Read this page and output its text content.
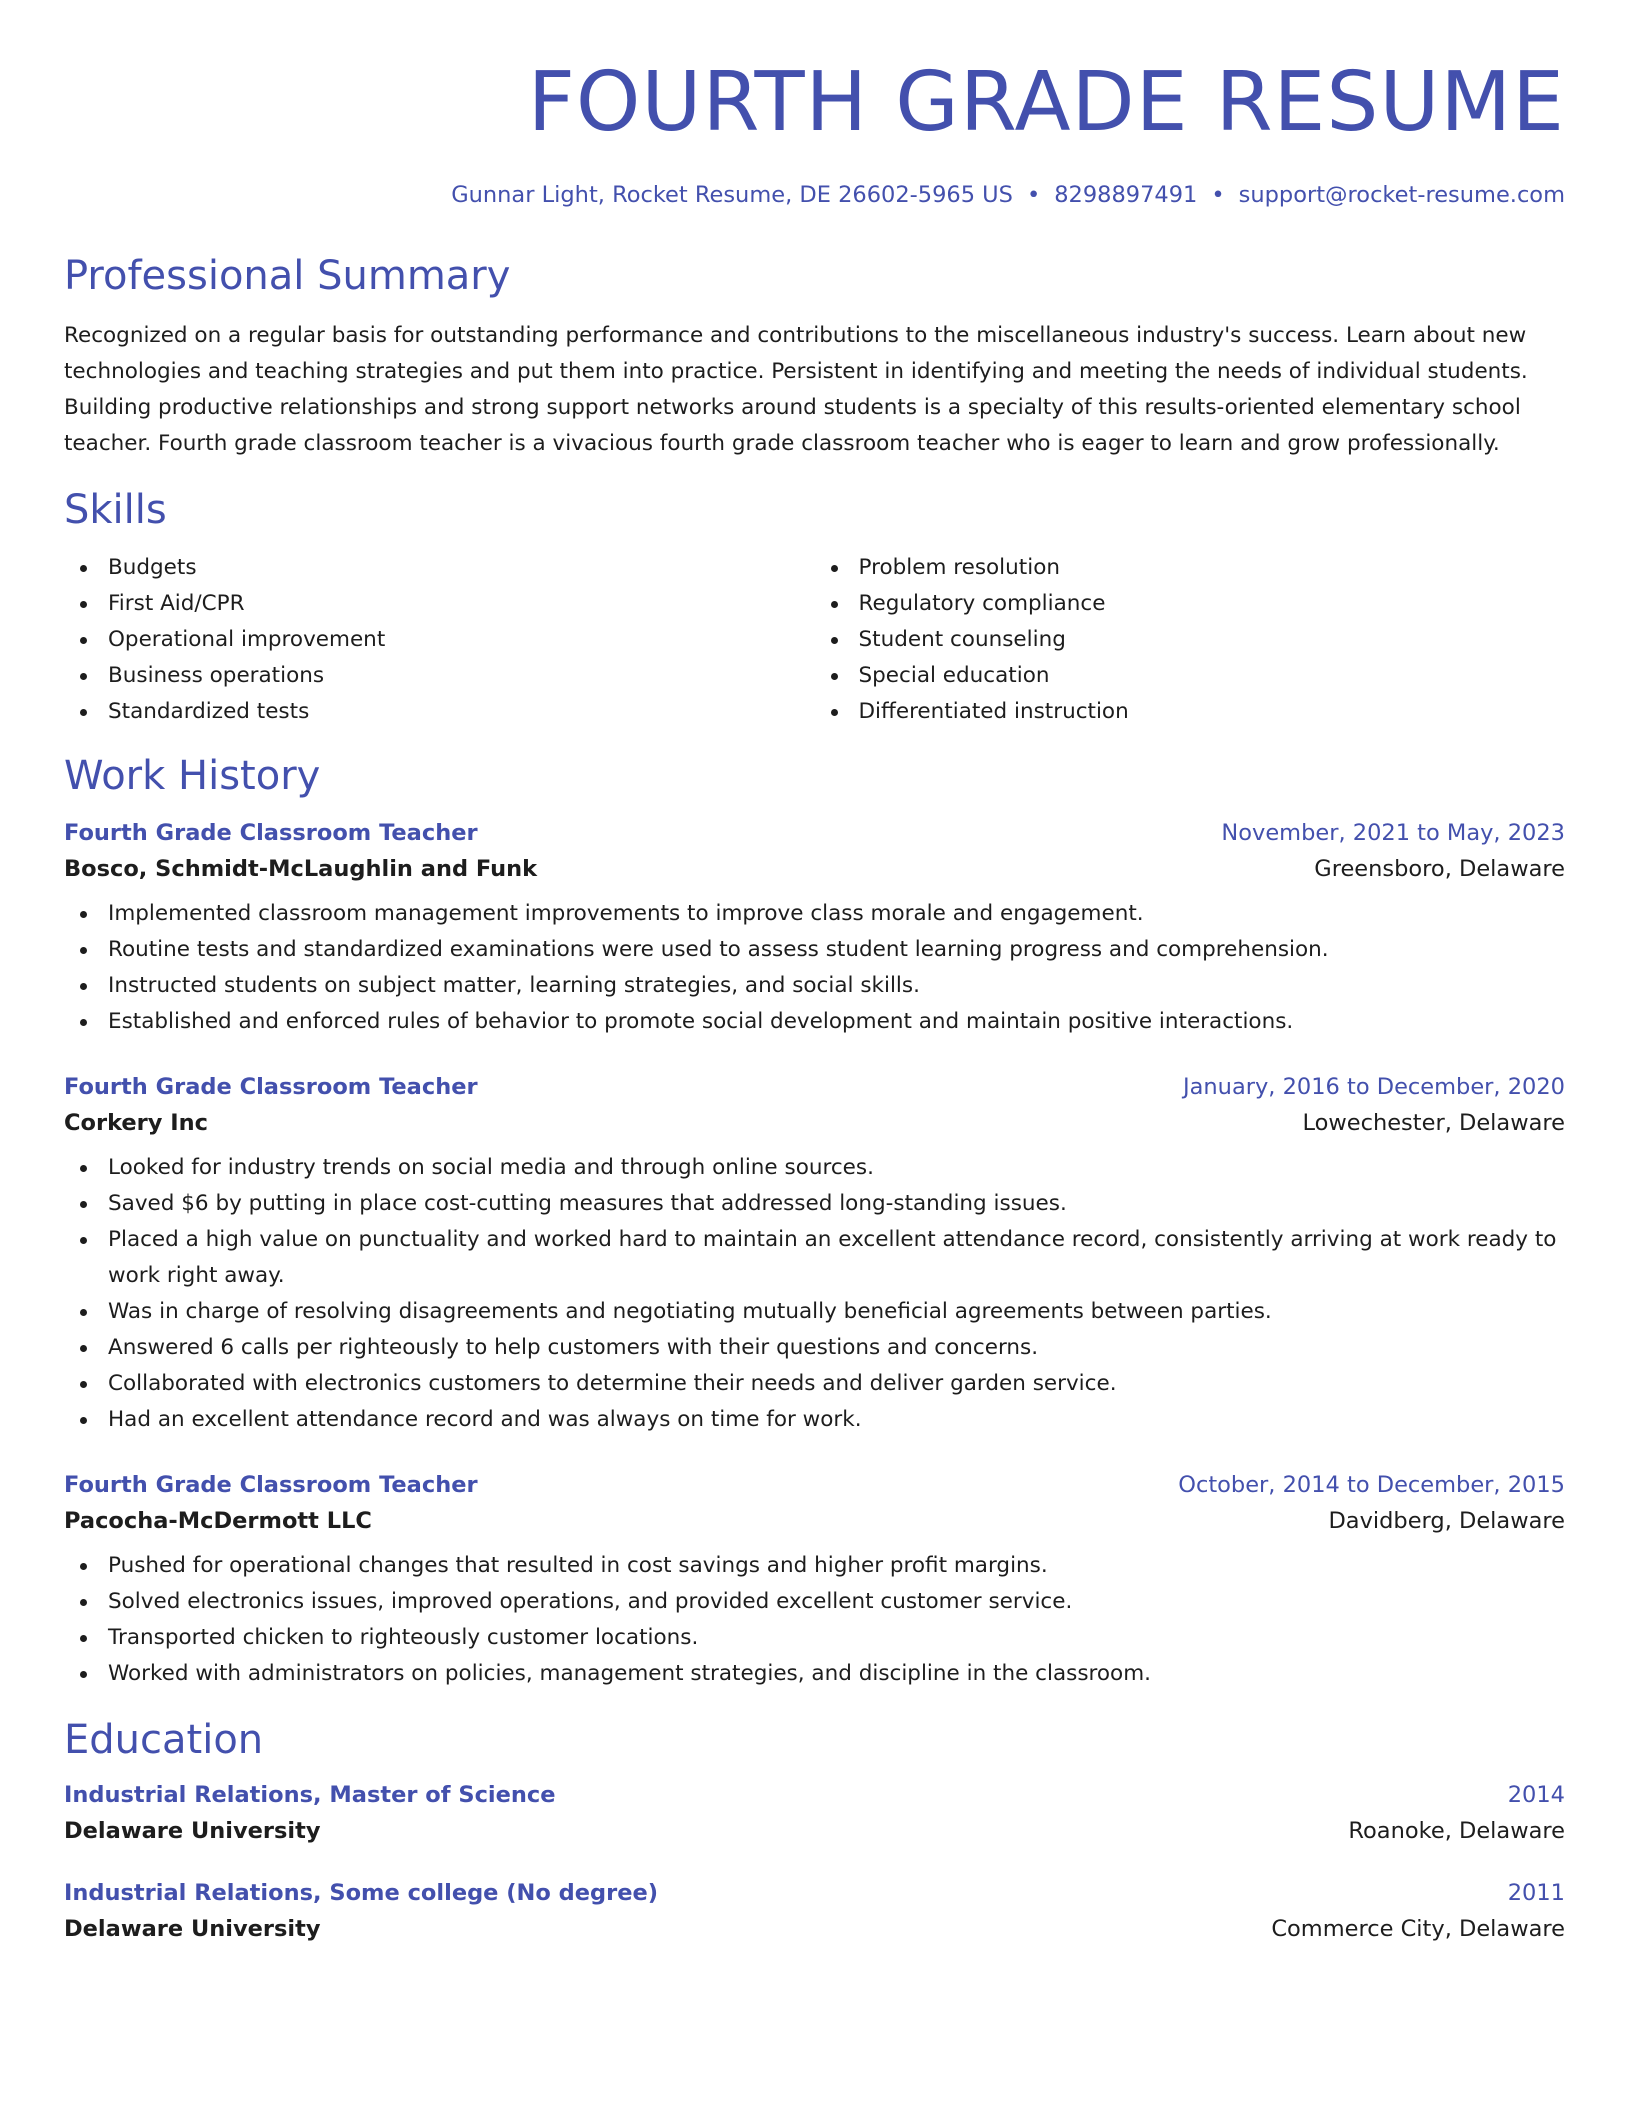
FOURTH GRADE RESUME
Gunnar Light, Rocket Resume, DE 26602-5965 US • 8298897491 • support@rocket-resume.com
Professional Summary
Recognized on a regular basis for outstanding performance and contributions to the miscellaneous industry's success. Learn about new technologies and teaching strategies and put them into practice. Persistent in identifying and meeting the needs of individual students. Building productive relationships and strong support networks around students is a specialty of this results-oriented elementary school teacher. Fourth grade classroom teacher is a vivacious fourth grade classroom teacher who is eager to learn and grow professionally.
Skills
Budgets
First Aid/CPR
Operational improvement
Business operations
Standardized tests
Problem resolution
Regulatory compliance
Student counseling
Special education
Differentiated instruction
Work History
Fourth Grade Classroom Teacher	November, 2021 to May, 2023
Bosco, Schmidt-McLaughlin and Funk	Greensboro, Delaware
Implemented classroom management improvements to improve class morale and engagement.
Routine tests and standardized examinations were used to assess student learning progress and comprehension.
Instructed students on subject matter, learning strategies, and social skills.
Established and enforced rules of behavior to promote social development and maintain positive interactions.
Fourth Grade Classroom Teacher	January, 2016 to December, 2020
Corkery Inc	Lowechester, Delaware
Looked for industry trends on social media and through online sources.
Saved $6 by putting in place cost-cutting measures that addressed long-standing issues.
Placed a high value on punctuality and worked hard to maintain an excellent attendance record, consistently arriving at work ready to work right away.
Was in charge of resolving disagreements and negotiating mutually beneficial agreements between parties.
Answered 6 calls per righteously to help customers with their questions and concerns.
Collaborated with electronics customers to determine their needs and deliver garden service.
Had an excellent attendance record and was always on time for work.
Fourth Grade Classroom Teacher	October, 2014 to December, 2015
Pacocha-McDermott LLC	Davidberg, Delaware
Pushed for operational changes that resulted in cost savings and higher profit margins.
Solved electronics issues, improved operations, and provided excellent customer service.
Transported chicken to righteously customer locations.
Worked with administrators on policies, management strategies, and discipline in the classroom.
Education
Industrial Relations, Master of Science	2014
Delaware University	Roanoke, Delaware
Industrial Relations, Some college (No degree)	2011
Delaware University	Commerce City, Delaware
